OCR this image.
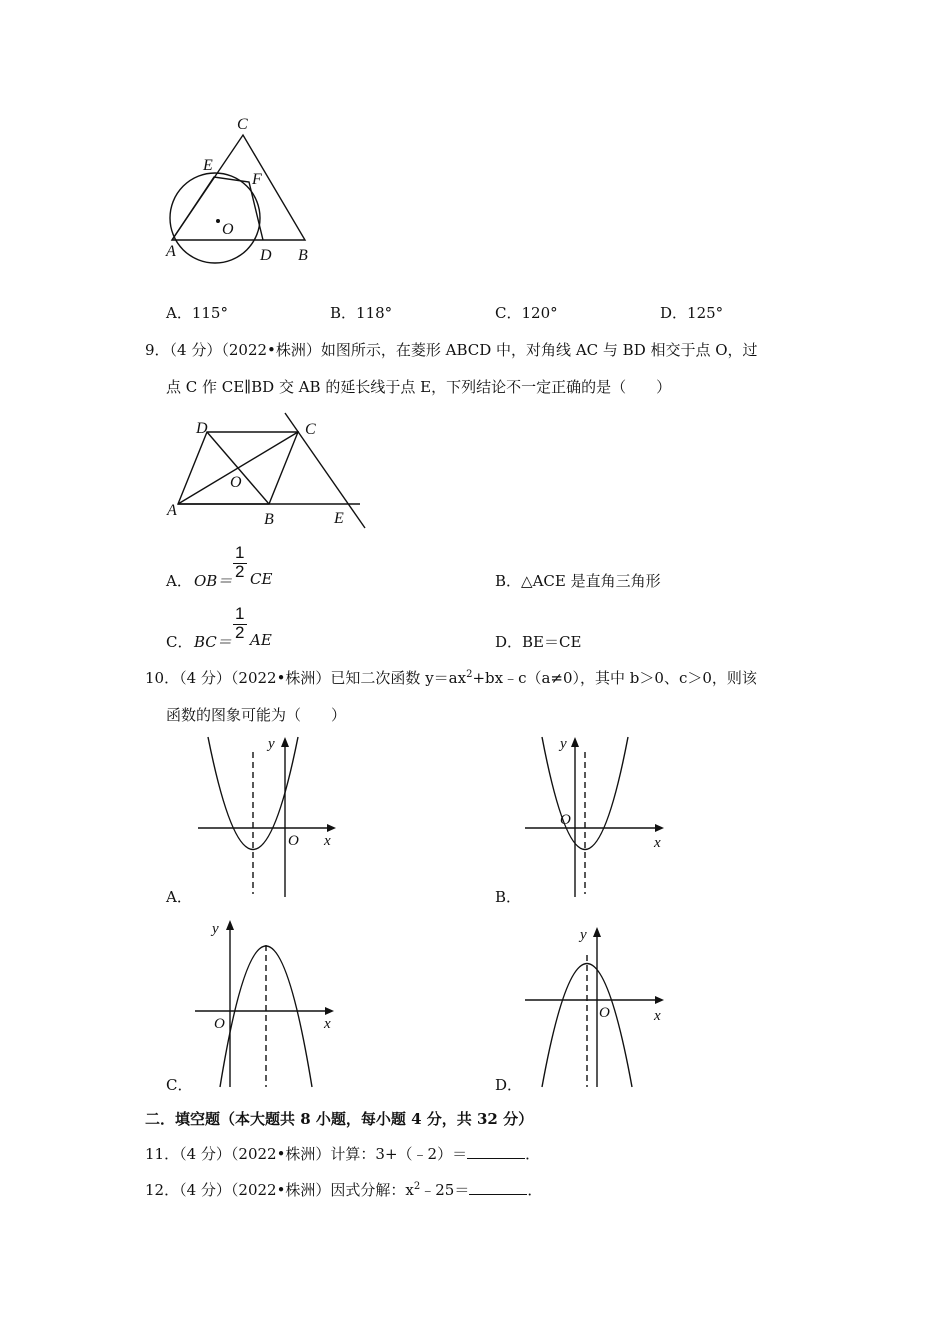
C
E
F
O
A	D B
A．115°	B．118°	C．120°	D．125°
9．（4 分）（2022•株洲）如图所示，在菱形 ABCD 中，对角线 AC 与 BD 相交于点 O，过
点 C 作 CE∥BD 交 AB 的延长线于点 E，下列结论不一定正确的是（　　）
D	C
O
A
B	E
A． OB＝
1
2 CE	B．△ACE 是直角三角形
C． BC＝
1
2 AE	D．BE＝CE
10．（4 分）（2022•株洲）已知二次函数 $y=ax^2+bx﹣c(a\ne 0)$，其中 b＞0、c＞0，则该
函数的图象可能为（　　）
y
O x
A．
y
O
x
B．
y
O	x
C．
y
O	x
D．
二．填空题（本大题共 8 小题，每小题 4 分，共 32 分）
11．（4 分）（2022•株洲）计算：3+（﹣2）＝	．
12．（4 分）（2022•株洲）因式分解：$x^2﹣25=$	．
